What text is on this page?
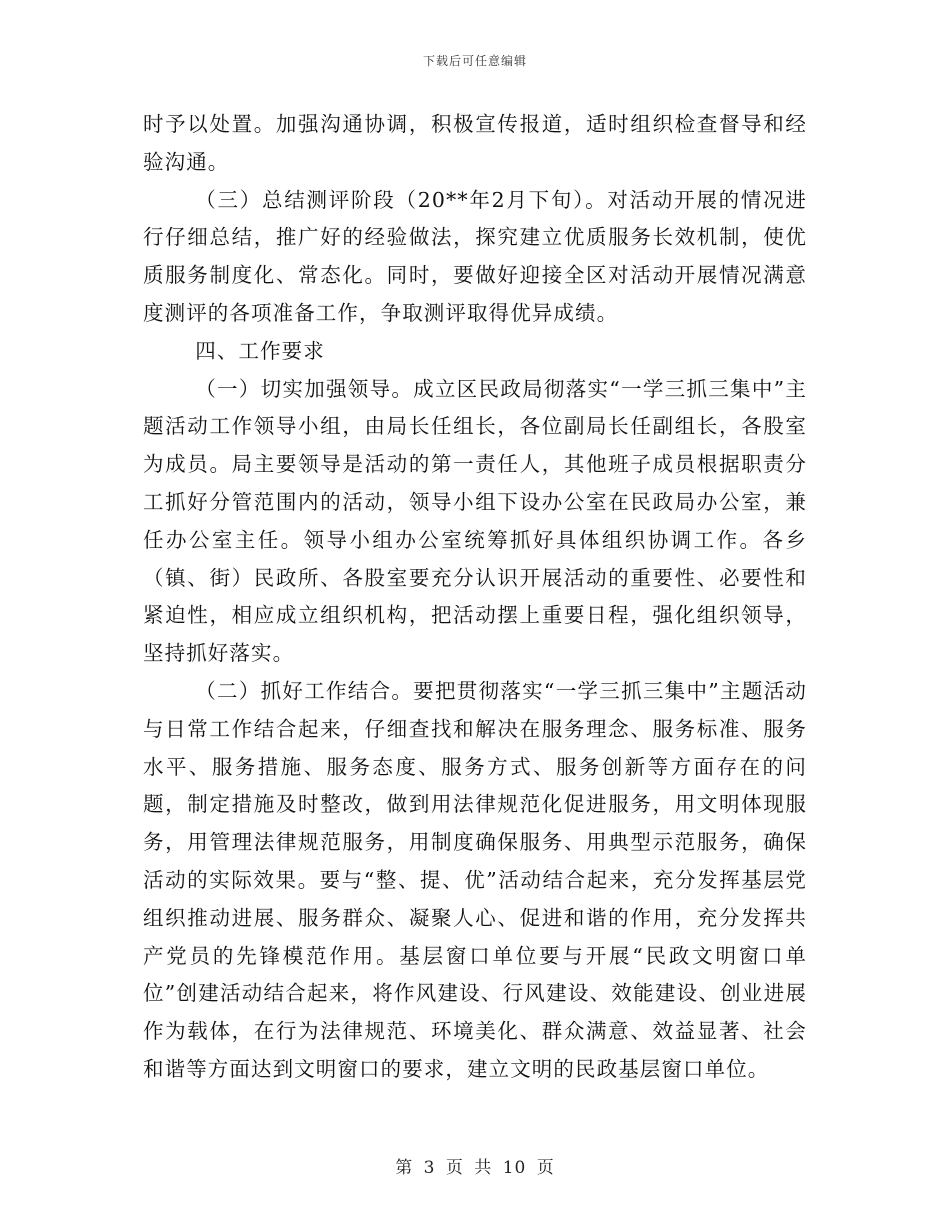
下载后可任意编辑

时予以处置。加强沟通协调，积极宣传报道，适时组织检查督导和经验沟通。

（三）总结测评阶段（20**年2月下旬）。对活动开展的情况进行仔细总结，推广好的经验做法，探究建立优质服务长效机制，使优质服务制度化、常态化。同时，要做好迎接全区对活动开展情况满意度测评的各项准备工作，争取测评取得优异成绩。

四、工作要求

（一）切实加强领导。成立区民政局彻落实“一学三抓三集中”主题活动工作领导小组，由局长任组长，各位副局长任副组长，各股室为成员。局主要领导是活动的第一责任人，其他班子成员根据职责分工抓好分管范围内的活动，领导小组下设办公室在民政局办公室，兼任办公室主任。领导小组办公室统筹抓好具体组织协调工作。各乡（镇、街）民政所、各股室要充分认识开展活动的重要性、必要性和紧迫性，相应成立组织机构，把活动摆上重要日程，强化组织领导，坚持抓好落实。

（二）抓好工作结合。要把贯彻落实“一学三抓三集中”主题活动与日常工作结合起来，仔细查找和解决在服务理念、服务标准、服务水平、服务措施、服务态度、服务方式、服务创新等方面存在的问题，制定措施及时整改，做到用法律规范化促进服务，用文明体现服务，用管理法律规范服务，用制度确保服务、用典型示范服务，确保活动的实际效果。要与“整、提、优”活动结合起来，充分发挥基层党组织推动进展、服务群众、凝聚人心、促进和谐的作用，充分发挥共产党员的先锋模范作用。基层窗口单位要与开展“民政文明窗口单位”创建活动结合起来，将作风建设、行风建设、效能建设、创业进展作为载体，在行为法律规范、环境美化、群众满意、效益显著、社会和谐等方面达到文明窗口的要求，建立文明的民政基层窗口单位。

第 3 页 共 10 页
